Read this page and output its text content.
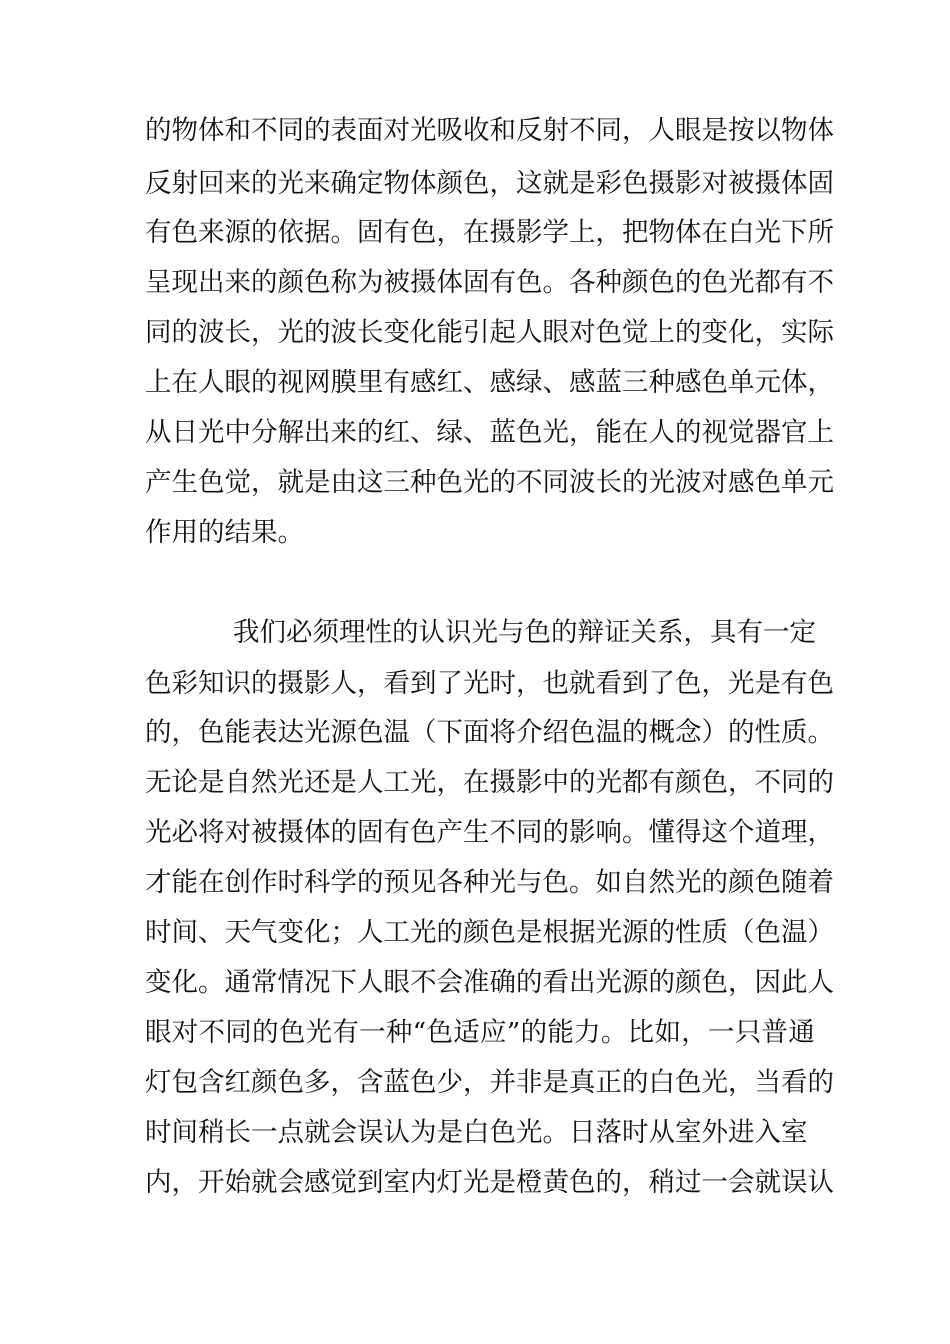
的 物 体 和 不 同 的 表 面 对 光 吸 收 和 反 射 不 同 ， 人 眼 是 按 以 物 体
反 射 回 来 的 光 来 确 定 物 体 颜 色 ， 这 就 是 彩 色 摄 影 对 被 摄 体 固
有 色 来 源 的 依 据 。 固 有 色 ， 在 摄 影 学 上 ， 把 物 体 在 白 光 下 所
呈 现 出 来 的 颜 色 称 为 被 摄 体 固 有 色 。 各 种 颜 色 的 色 光 都 有 不
同 的 波 长 ， 光 的 波 长 变 化 能 引 起 人 眼 对 色 觉 上 的 变 化 ， 实 际
上 在 人 眼 的 视 网 膜 里 有 感 红 、 感 绿 、 感 蓝 三 种 感 色 单 元 体 ，
从 日 光 中 分 解 出 来 的 红 、 绿 、 蓝 色 光 ， 能 在 人 的 视 觉 器 官 上
产 生 色 觉 ， 就 是 由 这 三 种 色 光 的 不 同 波 长 的 光 波 对 感 色 单 元
作用的结果。
我 们 必 须 理 性 的 认 识 光 与 色 的 辩 证 关 系 ， 具 有 一 定
色 彩 知 识 的 摄 影 人 ， 看 到 了 光 时 ， 也 就 看 到 了 色 ， 光 是 有 色
的 ， 色 能 表 达 光 源 色 温 （ 下 面 将 介 绍 色 温 的 概 念 ） 的 性 质 。
无 论 是 自 然 光 还 是 人 工 光 ， 在 摄 影 中 的 光 都 有 颜 色 ， 不 同 的
光 必 将 对 被 摄 体 的 固 有 色 产 生 不 同 的 影 响 。 懂 得 这 个 道 理 ，
才 能 在 创 作 时 科 学 的 预 见 各 种 光 与 色 。 如 自 然 光 的 颜 色 随 着
时 间 、 天 气 变 化 ； 人 工 光 的 颜 色 是 根 据 光 源 的 性 质 （ 色 温 ）
变 化 。 通 常 情 况 下 人 眼 不 会 准 确 的 看 出 光 源 的 颜 色 ， 因 此 人
眼 对 不 同 的 色 光 有 一 种 “ 色 适 应 ” 的 能 力 。 比 如 ， 一 只 普 通
灯 包 含 红 颜 色 多 ， 含 蓝 色 少 ， 并 非 是 真 正 的 白 色 光 ， 当 看 的
时 间 稍 长 一 点 就 会 误 认 为 是 白 色 光 。 日 落 时 从 室 外 进 入 室
内 ， 开 始 就 会 感 觉 到 室 内 灯 光 是 橙 黄 色 的 ， 稍 过 一 会 就 误 认
